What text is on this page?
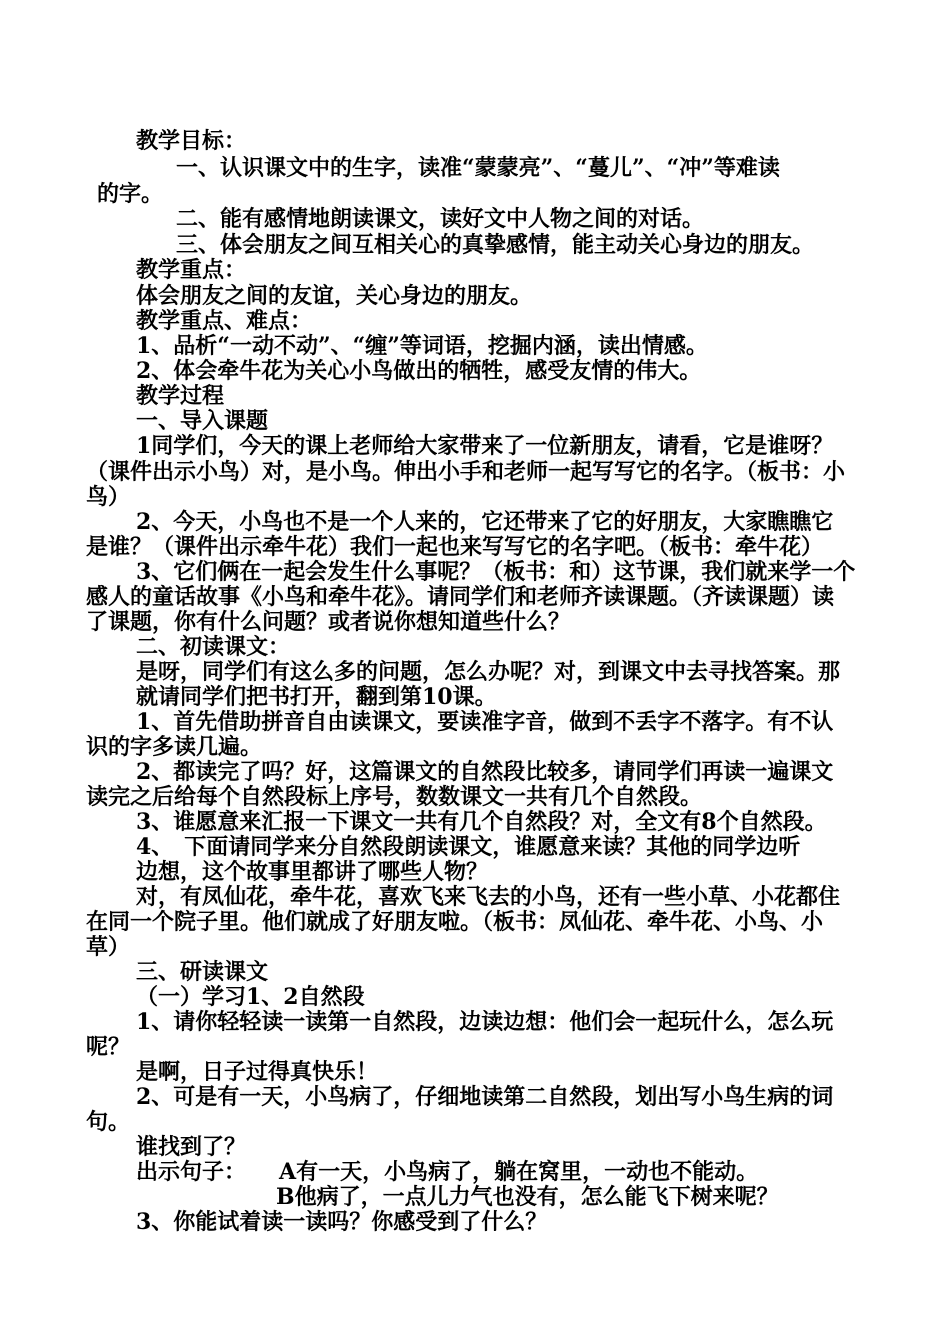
教学目标：
一、认识课文中的生字，读准“蒙蒙亮”、“蔓儿”、“冲”等难读
的字。
二、能有感情地朗读课文，读好文中人物之间的对话。
三、体会朋友之间互相关心的真挚感情，能主动关心身边的朋友。
教学重点：
体会朋友之间的友谊，关心身边的朋友。
教学重点、难点：
1、品析“一动不动”、“缠”等词语，挖掘内涵，读出情感。
2、体会牵牛花为关心小鸟做出的牺牲，感受友情的伟大。
教学过程
一、导入课题
1同学们，今天的课上老师给大家带来了一位新朋友，请看，它是谁呀？
（课件出示小鸟）对，是小鸟。伸出小手和老师一起写写它的名字。（板书：小
鸟）
2、今天，小鸟也不是一个人来的，它还带来了它的好朋友，大家瞧瞧它
是谁？（课件出示牵牛花）我们一起也来写写它的名字吧。（板书：牵牛花）
3、它们俩在一起会发生什么事呢？（板书：和）这节课，我们就来学一个
感人的童话故事《小鸟和牵牛花》。请同学们和老师齐读课题。（齐读课题）读
了课题，你有什么问题？或者说你想知道些什么？
二、初读课文：
是呀，同学们有这么多的问题，怎么办呢？对，到课文中去寻找答案。那
就请同学们把书打开，翻到第10课。
1、首先借助拼音自由读课文，要读准字音，做到不丢字不落字。有不认
识的字多读几遍。
2、都读完了吗？好，这篇课文的自然段比较多，请同学们再读一遍课文
读完之后给每个自然段标上序号，数数课文一共有几个自然段。
3、谁愿意来汇报一下课文一共有几个自然段？对，全文有8个自然段。
4、　下面请同学来分自然段朗读课文，谁愿意来读？其他的同学边听
边想，这个故事里都讲了哪些人物？
对，有凤仙花，牵牛花，喜欢飞来飞去的小鸟，还有一些小草、小花都住
在同一个院子里。他们就成了好朋友啦。（板书：凤仙花、牵牛花、小鸟、小
草）
三、研读课文
（一）学习1、2自然段
1、请你轻轻读一读第一自然段，边读边想：他们会一起玩什么，怎么玩
呢？
是啊，日子过得真快乐！
2、可是有一天，小鸟病了，仔细地读第二自然段，划出写小鸟生病的词
句。
谁找到了？
出示句子：　　A有一天，小鸟病了，躺在窝里，一动也不能动。
B他病了，一点儿力气也没有，怎么能飞下树来呢？
3、你能试着读一读吗？你感受到了什么？
